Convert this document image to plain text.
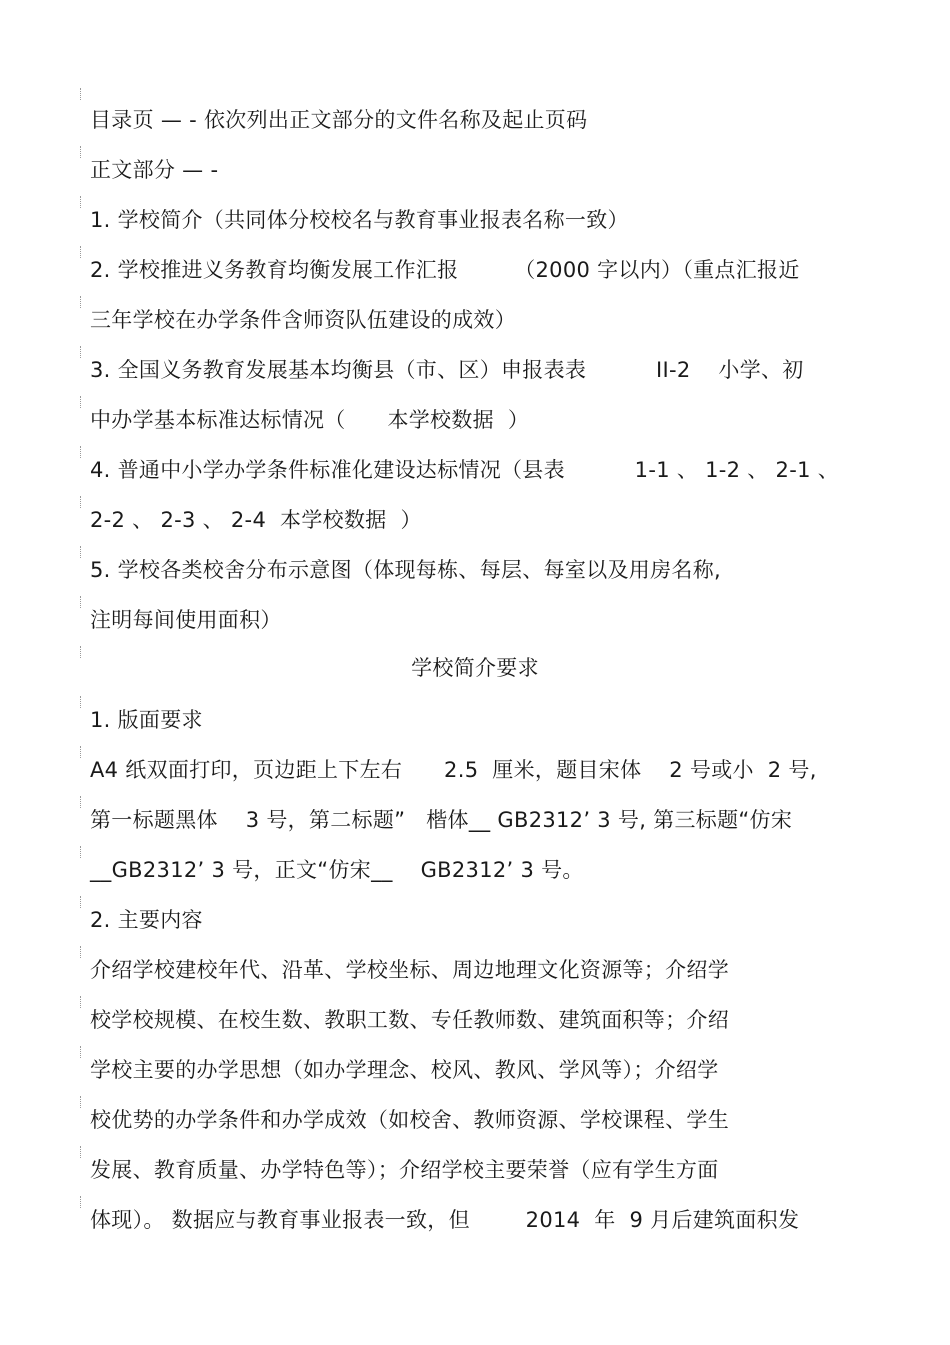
目录页 — - 依次列出正文部分的文件名称及起止页码
正文部分 — -
1. 学校简介（共同体分校校名与教育事业报表名称一致）
2. 学校推进义务教育均衡发展工作汇报        （2000 字以内）（重点汇报近
三年学校在办学条件含师资队伍建设的成效）
3. 全国义务教育发展基本均衡县（市、区）申报表表          II-2    小学、初
中办学基本标准达标情况（      本学校数据  ）
4. 普通中小学办学条件标准化建设达标情况（县表          1-1 、 1-2 、 2-1 、
2-2 、 2-3 、 2-4  本学校数据  ）
5. 学校各类校舍分布示意图（体现每栋、每层、每室以及用房名称,
注明每间使用面积）
学校简介要求
1. 版面要求
A4 纸双面打印，页边距上下左右      2.5  厘米，题目宋体    2 号或小  2 号,
第一标题黑体    3 号，第二标题”   楷体__ GB2312’ 3 号, 第三标题“仿宋
__GB2312’ 3 号，正文“仿宋__    GB2312’ 3 号。
2. 主要内容
介绍学校建校年代、沿革、学校坐标、周边地理文化资源等；介绍学
校学校规模、在校生数、教职工数、专任教师数、建筑面积等；介绍
学校主要的办学思想（如办学理念、校风、教风、学风等）；介绍学
校优势的办学条件和办学成效（如校舍、教师资源、学校课程、学生
发展、教育质量、办学特色等）；介绍学校主要荣誉（应有学生方面
体现）。 数据应与教育事业报表一致，但        2014  年  9 月后建筑面积发
